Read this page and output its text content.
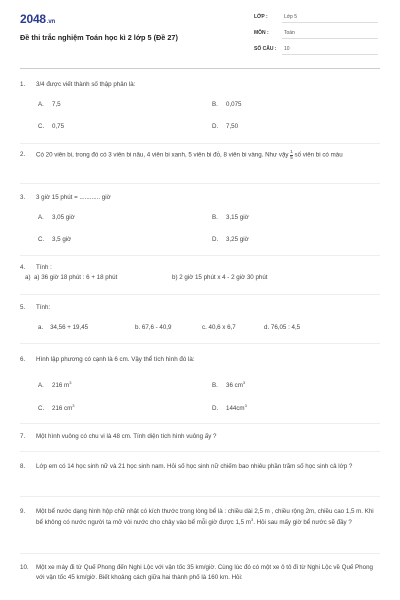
2048.vn
Đề thi trắc nghiệm Toán học kì 2 lớp 5 (Đề 27)
LỚP :	Lớp 5
MÔN :	Toán
SỐ CÂU : 10
1. 3/4 được viết thành số thập phân là:
A. 7,5	B. 0,075
C. 0,75	D. 7,50
2. Có 20 viên bi, trong đó có 3 viên bi nâu, 4 viên bi xanh, 5 viên bi đỏ, 8 viên bi vàng. Như vậy $\frac{1}{5}$ số viên bi có màu
3. 3 giờ 15 phút = ............ giờ
A. 3,05 giờ	B. 3,15 giờ
C. 3,5 giờ	D. 3,25 giờ
4. Tính :
a) a) 36 giờ 18 phút : 6 + 18 phút	b) 2 giờ 15 phút x 4 - 2 giờ 30 phút
5. Tính:
a. 34,56 + 19,45	b. 67,6 - 40,9	c. 40,6 x 6,7	d. 76,05 : 4,5
6. Hình lập phương có cạnh là 6 cm. Vậy thể tích hình đó là:
A. 216 $m^3$	B. 36 $cm^3$
C. 216 $cm^3$	D. $144cm^3$
7. Một hình vuông có chu vi là 48 cm. Tính diện tích hình vuông ấy ?
8. Lớp em có 14 học sinh nữ và 21 học sinh nam. Hỏi số học sinh nữ chiếm bao nhiêu phần trăm số học sinh cả lớp ?
9. Một bể nước dạng hình hộp chữ nhật có kích thước trong lòng bể là : chiều dài 2,5 m , chiều rộng 2m, chiều cao 1,5 m. Khi bể không có nước người ta mở vòi nước cho chảy vào bể mỗi giờ được 1,5 $m^3$. Hỏi sau mấy giờ bể nước sẽ đầy ?
10. Một xe máy đi từ Quế Phong đến Nghi Lộc với vận tốc 35 km/giờ. Cùng lúc đó có một xe ô tô đi từ Nghi Lộc về Quế Phong với vận tốc 45 km/giờ. Biết khoảng cách giữa hai thành phố là 160 km. Hỏi:
